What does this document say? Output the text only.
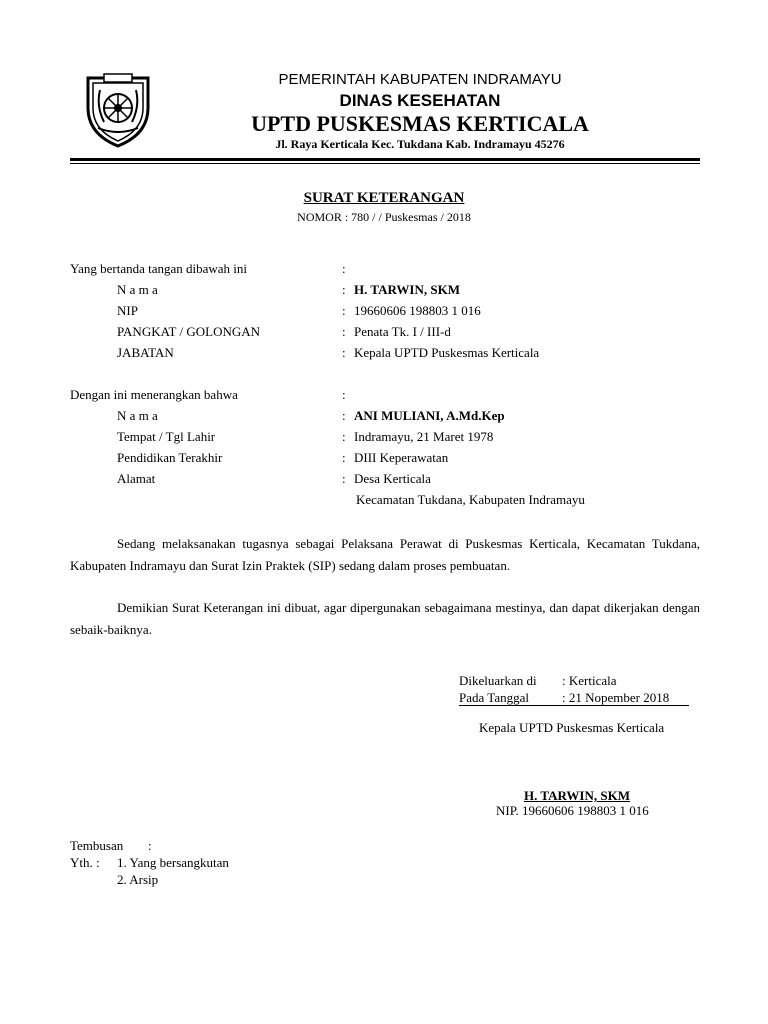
PEMERINTAH KABUPATEN INDRAMAYU
DINAS KESEHATAN
UPTD PUSKESMAS KERTICALA
Jl. Raya Kerticala Kec. Tukdana Kab. Indramayu 45276
SURAT KETERANGAN
NOMOR : 780 / / Puskesmas / 2018
Yang bertanda tangan dibawah ini	:
N a m a	: H. TARWIN, SKM
NIP	: 19660606 198803 1 016
PANGKAT / GOLONGAN	: Penata Tk. I / III-d
JABATAN	: Kepala UPTD Puskesmas Kerticala
Dengan ini menerangkan bahwa	:
N a m a	: ANI MULIANI, A.Md.Kep
Tempat / Tgl Lahir	: Indramayu, 21 Maret 1978
Pendidikan Terakhir	: DIII Keperawatan
Alamat	: Desa Kerticala
Kecamatan Tukdana, Kabupaten Indramayu
Sedang melaksanakan tugasnya sebagai Pelaksana Perawat di Puskesmas Kerticala, Kecamatan Tukdana, Kabupaten Indramayu dan Surat Izin Praktek (SIP) sedang dalam proses pembuatan.
Demikian Surat Keterangan ini dibuat, agar dipergunakan sebagaimana mestinya, dan dapat dikerjakan dengan sebaik-baiknya.
Dikeluarkan di : Kerticala
Pada Tanggal	: 21 Nopember 2018
Kepala UPTD Puskesmas Kerticala
H. TARWIN, SKM
NIP. 19660606 198803 1 016
Tembusan :
Yth. : 1. Yang bersangkutan
2. Arsip
